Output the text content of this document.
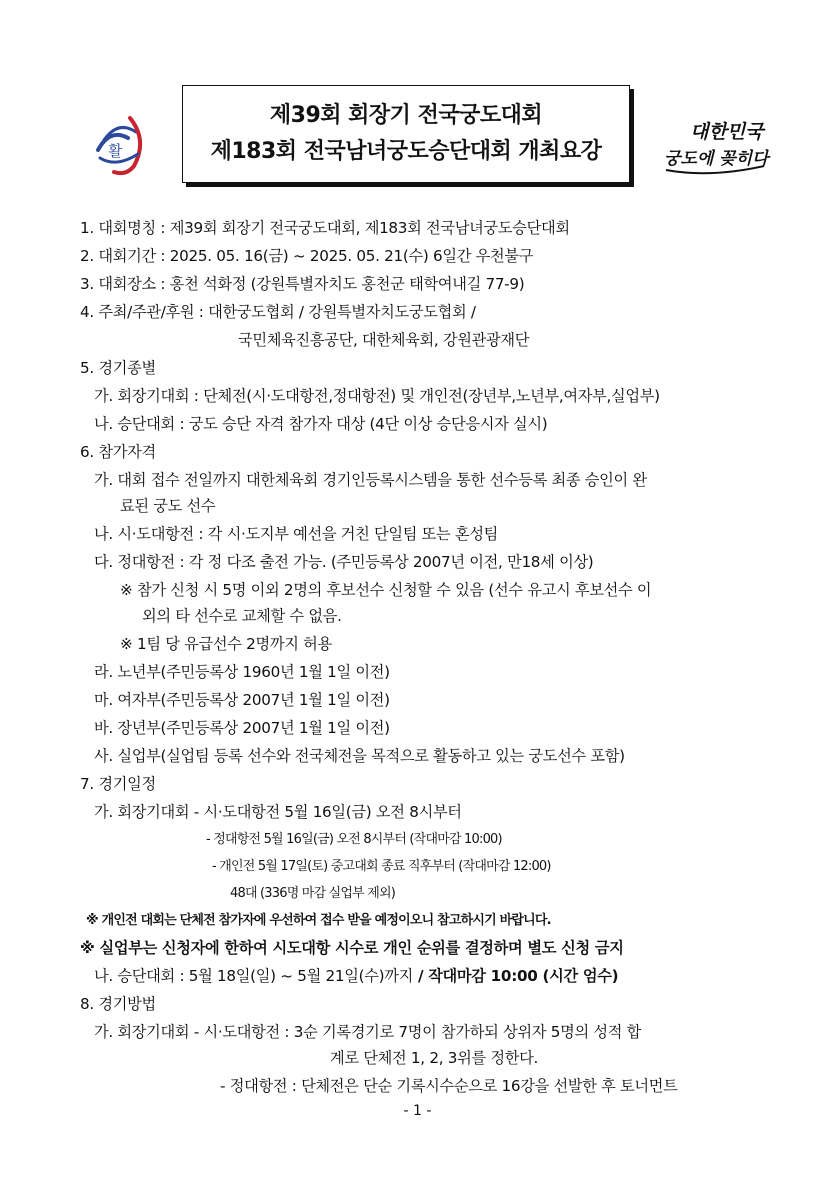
활
제39회 회장기 전국궁도대회
제183회 전국남녀궁도승단대회 개최요강
대한민국
궁도에 꽂히다
1. 대회명칭 : 제39회 회장기 전국궁도대회, 제183회 전국남녀궁도승단대회
2. 대회기간 : 2025. 05. 16(금) ~ 2025. 05. 21(수) 6일간 우천불구
3. 대회장소 : 홍천 석화정 (강원특별자치도 홍천군 태학여내길 77-9)
4. 주최/주관/후원 : 대한궁도협회 / 강원특별자치도궁도협회 /
국민체육진흥공단, 대한체육회, 강원관광재단
5. 경기종별
가. 회장기대회 : 단체전(시·도대항전,정대항전) 및 개인전(장년부,노년부,여자부,실업부)
나. 승단대회 : 궁도 승단 자격 참가자 대상 (4단 이상 승단응시자 실시)
6. 참가자격
가. 대회 접수 전일까지 대한체육회 경기인등록시스템을 통한 선수등록 최종 승인이 완
료된 궁도 선수
나. 시·도대항전 : 각 시·도지부 예선을 거친 단일팀 또는 혼성팀
다. 정대항전 : 각 정 다조 출전 가능. (주민등록상 2007년 이전, 만18세 이상)
※ 참가 신청 시 5명 이외 2명의 후보선수 신청할 수 있음 (선수 유고시 후보선수 이
외의 타 선수로 교체할 수 없음.
※ 1팀 당 유급선수 2명까지 허용
라. 노년부(주민등록상 1960년 1월 1일 이전)
마. 여자부(주민등록상 2007년 1월 1일 이전)
바. 장년부(주민등록상 2007년 1월 1일 이전)
사. 실업부(실업팀 등록 선수와 전국체전을 목적으로 활동하고 있는 궁도선수 포함)
7. 경기일정
가. 회장기대회 - 시·도대항전 5월 16일(금) 오전 8시부터
- 정대항전 5월 16일(금) 오전 8시부터 (작대마감 10:00)
- 개인전 5월 17일(토) 중고대회 종료 직후부터 (작대마감 12:00)
48대 (336명 마감 실업부 제외)
※ 개인전 대회는 단체전 참가자에 우선하여 접수 받을 예정이오니 참고하시기 바랍니다.
※ 실업부는 신청자에 한하여 시도대항 시수로 개인 순위를 결정하며 별도 신청 금지
나. 승단대회 : 5월 18일(일) ~ 5월 21일(수)까지 / 작대마감 10:00 (시간 엄수)
8. 경기방법
가. 회장기대회 - 시·도대항전 : 3순 기록경기로 7명이 참가하되 상위자 5명의 성적 합
계로 단체전 1, 2, 3위를 정한다.
- 정대항전 : 단체전은 단순 기록시수순으로 16강을 선발한 후 토너먼트
- 1 -
